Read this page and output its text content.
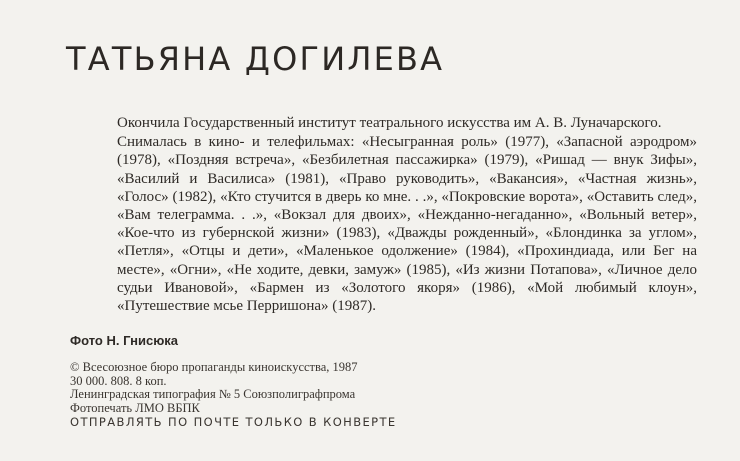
ТАТЬЯНА ДОГИЛЕВА

Окончила Государственный институт театрального искусства им А. В. Луначарского.

Снималась в кино- и телефильмах: «Несыгранная роль» (1977), «Запасной аэродром» (1978), «Поздняя встреча», «Безбилетная пассажирка» (1979), «Ришад — внук Зифы», «Василий и Василиса» (1981), «Право руководить», «Вакансия», «Частная жизнь», «Голос» (1982), «Кто стучится в дверь ко мне. . .», «Покровские ворота», «Оставить след», «Вам телеграмма. . .», «Вокзал для двоих», «Нежданно-негаданно», «Вольный ветер», «Кое-что из губернской жизни» (1983), «Дважды рожденный», «Блондинка за углом», «Петля», «Отцы и дети», «Маленькое одолжение» (1984), «Прохиндиада, или Бег на месте», «Огни», «Не ходите, девки, замуж» (1985), «Из жизни Потапова», «Личное дело судьи Ивановой», «Бармен из «Золотого якоря» (1986), «Мой любимый клоун», «Путешествие мсье Перришона» (1987).

Фото Н. Гнисюка
© Всесоюзное бюро пропаганды киноискусства, 1987
30 000. 808. 8 коп.
Ленинградская типография № 5 Союзполиграфпрома
Фотопечать ЛМО ВБПК
ОТПРАВЛЯТЬ ПО ПОЧТЕ ТОЛЬКО В КОНВЕРТЕ
